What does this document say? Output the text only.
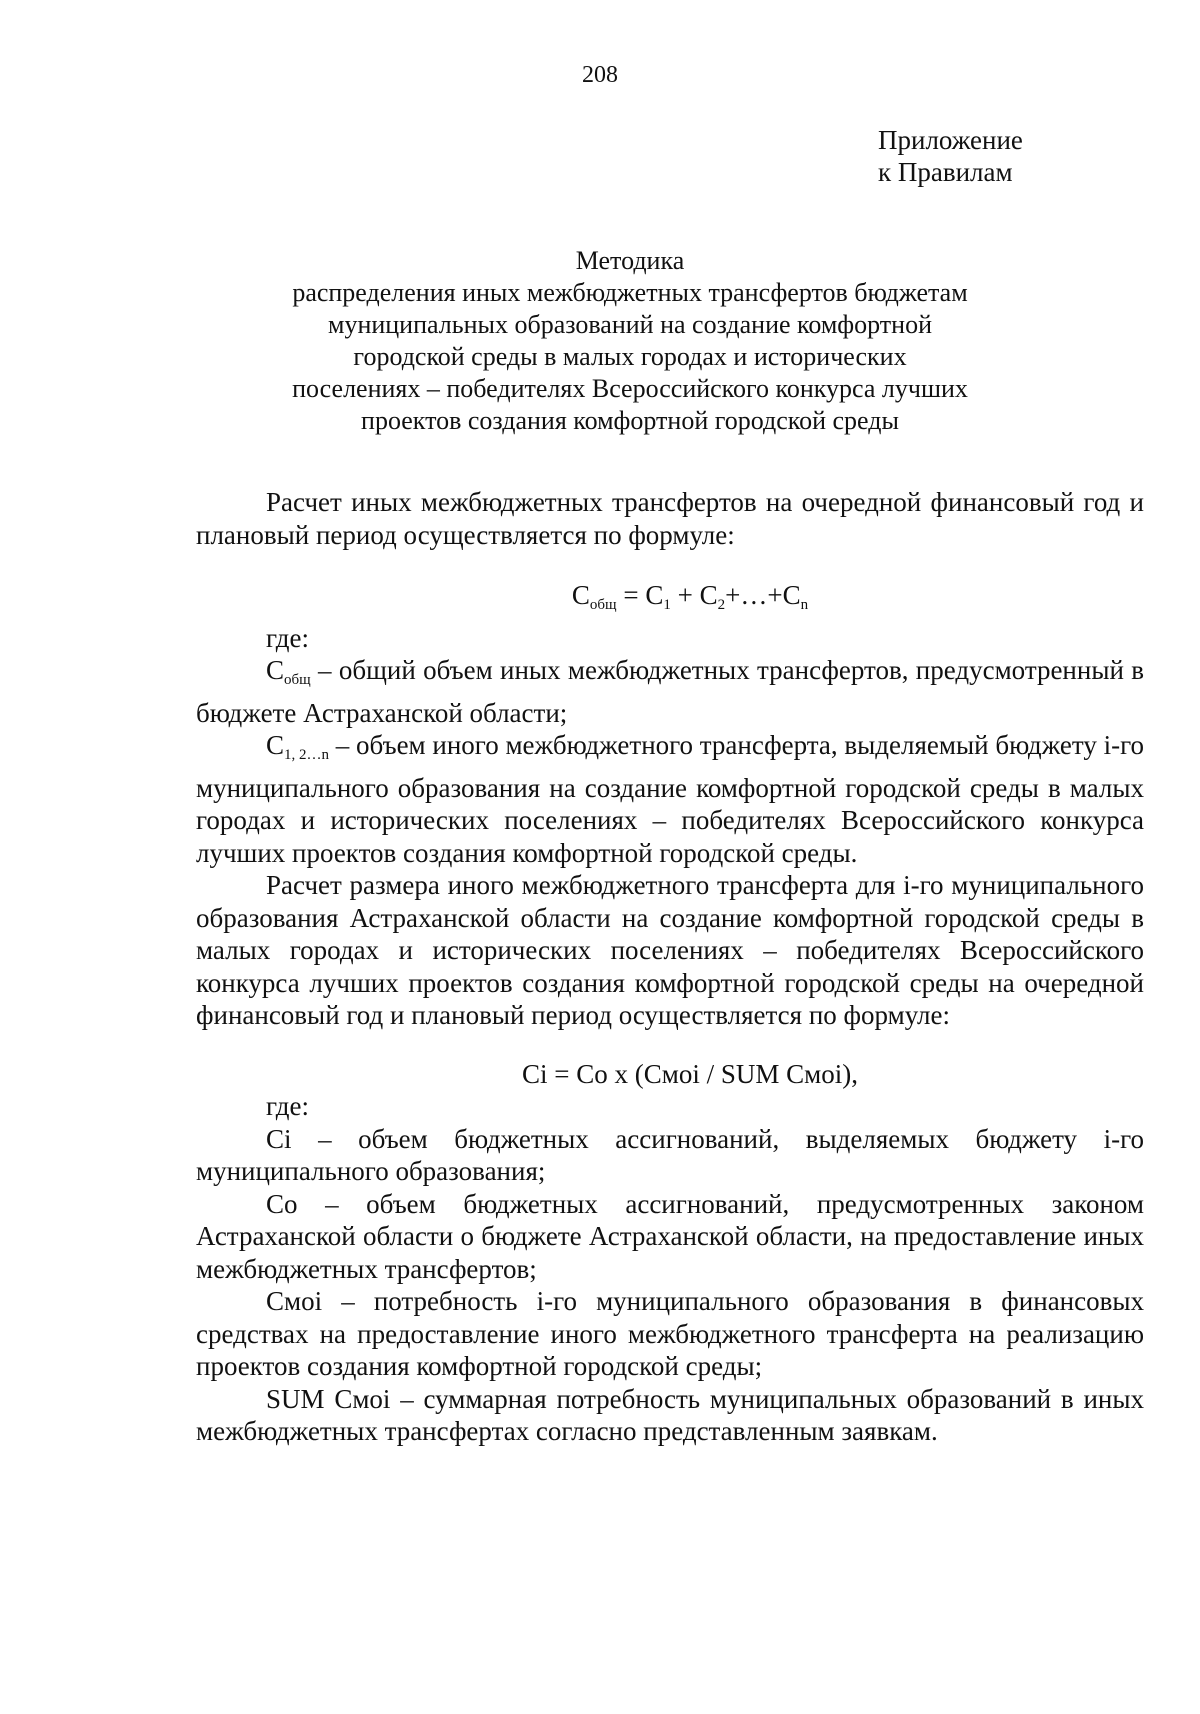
208
Приложение
к Правилам
Методика
распределения иных межбюджетных трансфертов бюджетам
муниципальных образований на создание комфортной
городской среды в малых городах и исторических
поселениях – победителях Всероссийского конкурса лучших
проектов создания комфортной городской среды

Расчет иных межбюджетных трансфертов на очередной финансовый год и плановый период осуществляется по формуле:

$С_{общ} = С_1$ + $С_2+\dots+С_n$

где:

$С_{общ}$ – общий объем иных межбюджетных трансфертов, предусмотренный в бюджете Астраханской области;

$С_{1, 2\dots n}$ – объем иного межбюджетного трансферта, выделяемый бюджету i-го муниципального образования на создание комфортной городской среды в малых городах и исторических поселениях – победителях Всероссийского конкурса лучших проектов создания комфортной городской среды.

Расчет размера иного межбюджетного трансферта для i-го муниципального образования Астраханской области на создание комфортной городской среды в малых городах и исторических поселениях – победителях Всероссийского конкурса лучших проектов создания комфортной городской среды на очередной финансовый год и плановый период осуществляется по формуле:

Ci = Co x (Cмоi / SUM Cмоi),

где:

Ci – объем бюджетных ассигнований, выделяемых бюджету i-го муниципального образования;

Co – объем бюджетных ассигнований, предусмотренных законом Астраханской области о бюджете Астраханской области, на предоставление иных межбюджетных трансфертов;

Cмоi – потребность i-го муниципального образования в финансовых средствах на предоставление иного межбюджетного трансферта на реализацию проектов создания комфортной городской среды;

SUM Cмоi – суммарная потребность муниципальных образований в иных межбюджетных трансфертах согласно представленным заявкам.
